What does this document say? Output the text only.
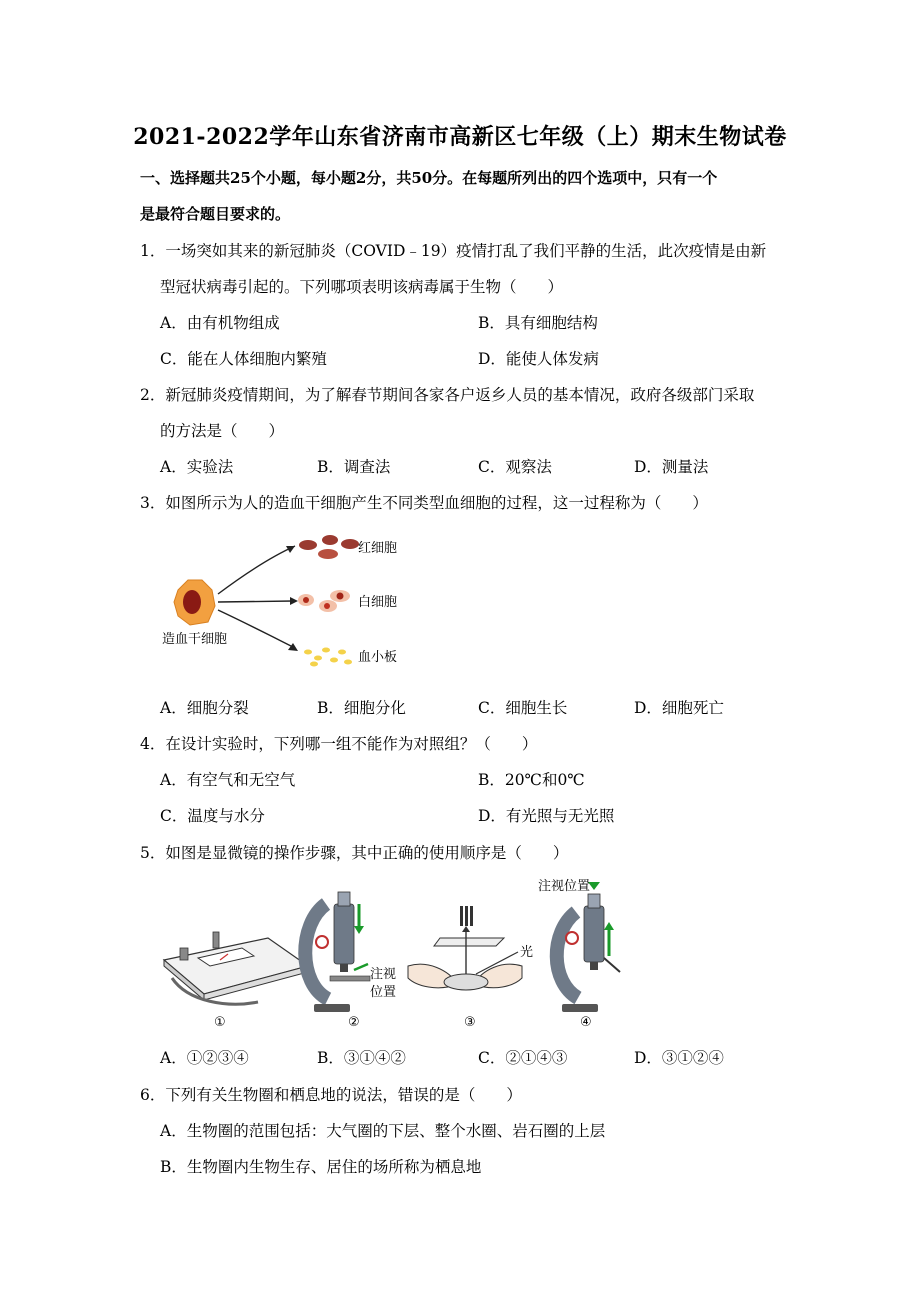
2021-2022学年山东省济南市高新区七年级（上）期末生物试卷
一、选择题共25个小题，每小题2分，共50分。在每题所列出的四个选项中，只有一个
是最符合题目要求的。
1．一场突如其来的新冠肺炎（COVID﹣19）疫情打乱了我们平静的生活，此次疫情是由新
型冠状病毒引起的。下列哪项表明该病毒属于生物（　　）
A．由有机物组成	B．具有细胞结构
C．能在人体细胞内繁殖	D．能使人体发病
2．新冠肺炎疫情期间，为了解春节期间各家各户返乡人员的基本情况，政府各级部门采取
的方法是（　　）
A．实验法	B．调查法	C．观察法	D．测量法
3．如图所示为人的造血干细胞产生不同类型血细胞的过程，这一过程称为（　　）
红细胞
白细胞
血小板
造血干细胞
A．细胞分裂	B．细胞分化	C．细胞生长	D．细胞死亡
4．在设计实验时，下列哪一组不能作为对照组？（　　）
A．有空气和无空气	B．20℃和0℃
C．温度与水分	D．有光照与无光照
5．如图是显微镜的操作步骤，其中正确的使用顺序是（　　）
注视
位置
光
注视位置
①	②	③	④
A．①②③④	B．③①④②	C．②①④③	D．③①②④
6．下列有关生物圈和栖息地的说法，错误的是（　　）
A．生物圈的范围包括：大气圈的下层、整个水圈、岩石圈的上层
B．生物圈内生物生存、居住的场所称为栖息地
